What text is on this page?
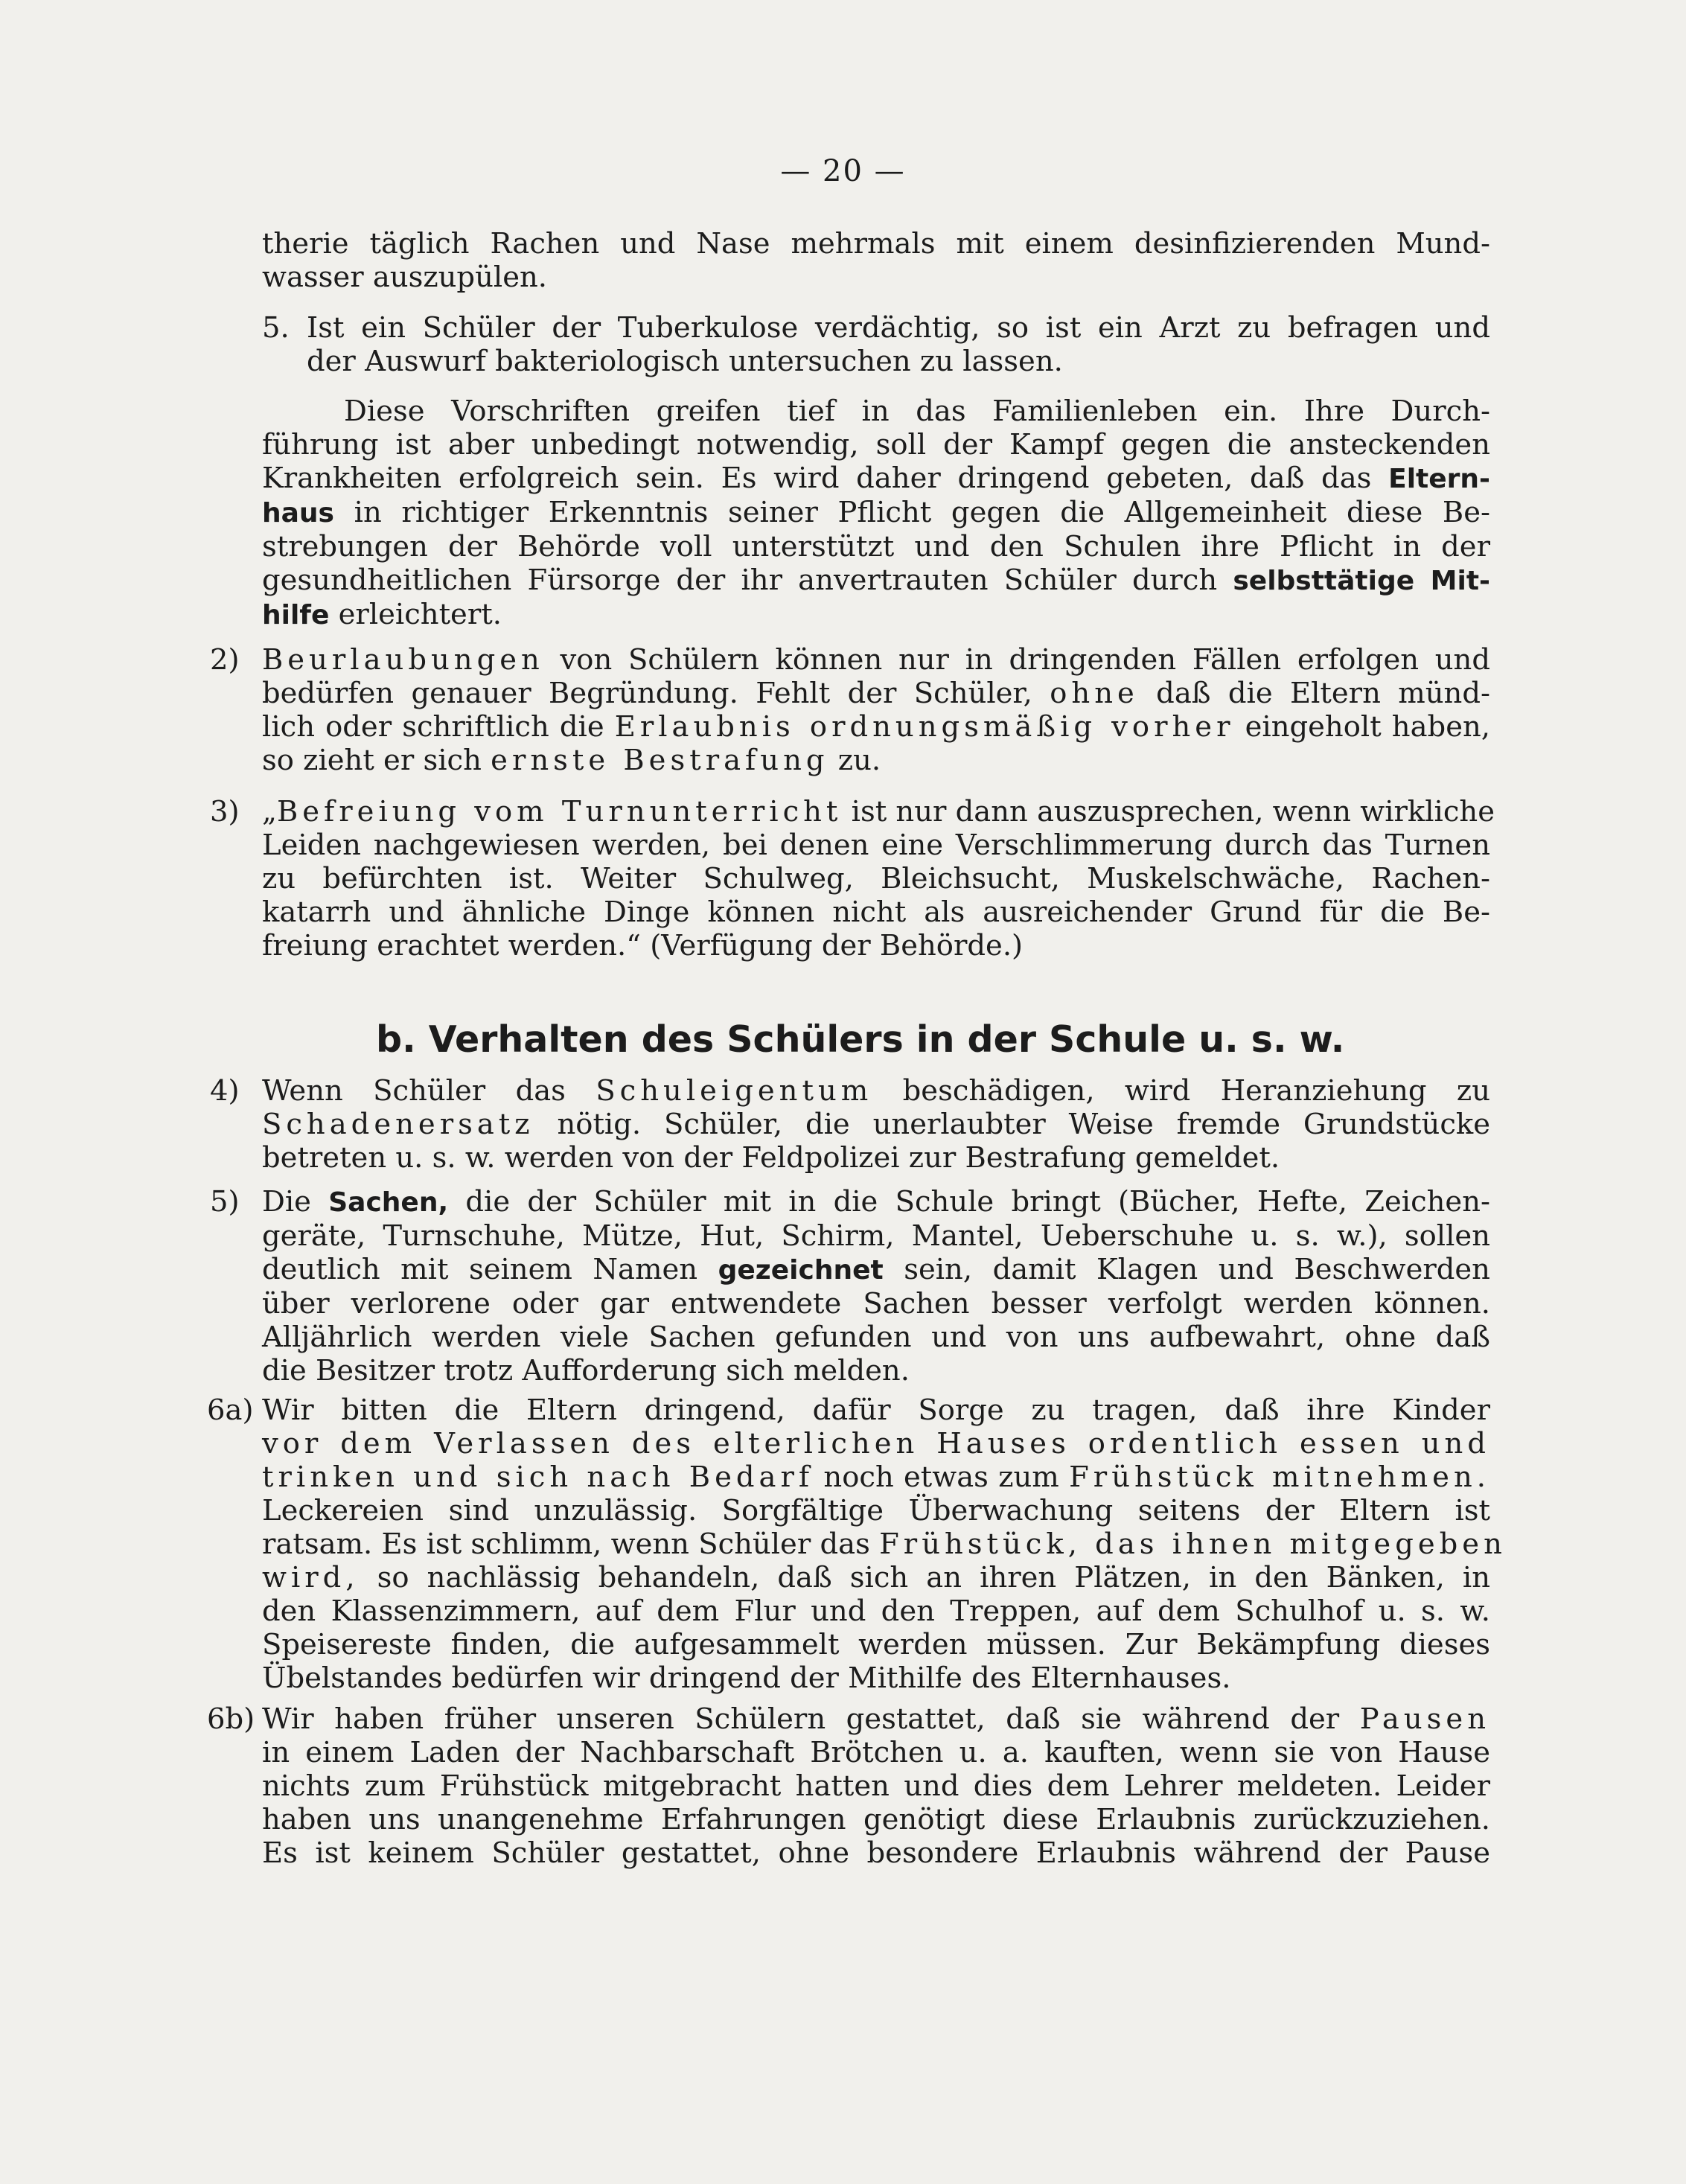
— 20 —
therie täglich Rachen und Nase mehrmals mit einem desinfizierenden Mund-
wasser auszupülen.
5. Ist ein Schüler der Tuberkulose verdächtig, so ist ein Arzt zu befragen und
der Auswurf bakteriologisch untersuchen zu lassen.
Diese Vorschriften greifen tief in das Familienleben ein. Ihre Durch-
führung ist aber unbedingt notwendig, soll der Kampf gegen die ansteckenden
Krankheiten erfolgreich sein. Es wird daher dringend gebeten, daß das Eltern-
haus in richtiger Erkenntnis seiner Pflicht gegen die Allgemeinheit diese Be-
strebungen der Behörde voll unterstützt und den Schulen ihre Pflicht in der
gesundheitlichen Fürsorge der ihr anvertrauten Schüler durch selbsttätige Mit-
hilfe erleichtert.
2) Beurlaubungen von Schülern können nur in dringenden Fällen erfolgen und
bedürfen genauer Begründung. Fehlt der Schüler, ohne daß die Eltern münd-
lich oder schriftlich die Erlaubnis ordnungsmäßig vorher eingeholt haben,
so zieht er sich ernste Bestrafung zu.
3) „Befreiung vom Turnunterricht ist nur dann auszusprechen, wenn wirkliche
Leiden nachgewiesen werden, bei denen eine Verschlimmerung durch das Turnen
zu befürchten ist. Weiter Schulweg, Bleichsucht, Muskelschwäche, Rachen-
katarrh und ähnliche Dinge können nicht als ausreichender Grund für die Be-
freiung erachtet werden.“ (Verfügung der Behörde.)
b. Verhalten des Schülers in der Schule u. s. w.
4) Wenn Schüler das Schuleigentum beschädigen, wird Heranziehung zu
Schadenersatz nötig. Schüler, die unerlaubter Weise fremde Grundstücke
betreten u. s. w. werden von der Feldpolizei zur Bestrafung gemeldet.
5) Die Sachen, die der Schüler mit in die Schule bringt (Bücher, Hefte, Zeichen-
geräte, Turnschuhe, Mütze, Hut, Schirm, Mantel, Ueberschuhe u. s. w.), sollen
deutlich mit seinem Namen gezeichnet sein, damit Klagen und Beschwerden
über verlorene oder gar entwendete Sachen besser verfolgt werden können.
Alljährlich werden viele Sachen gefunden und von uns aufbewahrt, ohne daß
die Besitzer trotz Aufforderung sich melden.
6a) Wir bitten die Eltern dringend, dafür Sorge zu tragen, daß ihre Kinder
vor dem Verlassen des elterlichen Hauses ordentlich essen und
trinken und sich nach Bedarf noch etwas zum Frühstück mitnehmen.
Leckereien sind unzulässig. Sorgfältige Überwachung seitens der Eltern ist
ratsam. Es ist schlimm, wenn Schüler das Frühstück, das ihnen mitgegeben
wird, so nachlässig behandeln, daß sich an ihren Plätzen, in den Bänken, in
den Klassenzimmern, auf dem Flur und den Treppen, auf dem Schulhof u. s. w.
Speisereste finden, die aufgesammelt werden müssen. Zur Bekämpfung dieses
Übelstandes bedürfen wir dringend der Mithilfe des Elternhauses.
6b) Wir haben früher unseren Schülern gestattet, daß sie während der Pausen
in einem Laden der Nachbarschaft Brötchen u. a. kauften, wenn sie von Hause
nichts zum Frühstück mitgebracht hatten und dies dem Lehrer meldeten. Leider
haben uns unangenehme Erfahrungen genötigt diese Erlaubnis zurückzuziehen.
Es ist keinem Schüler gestattet, ohne besondere Erlaubnis während der Pause
